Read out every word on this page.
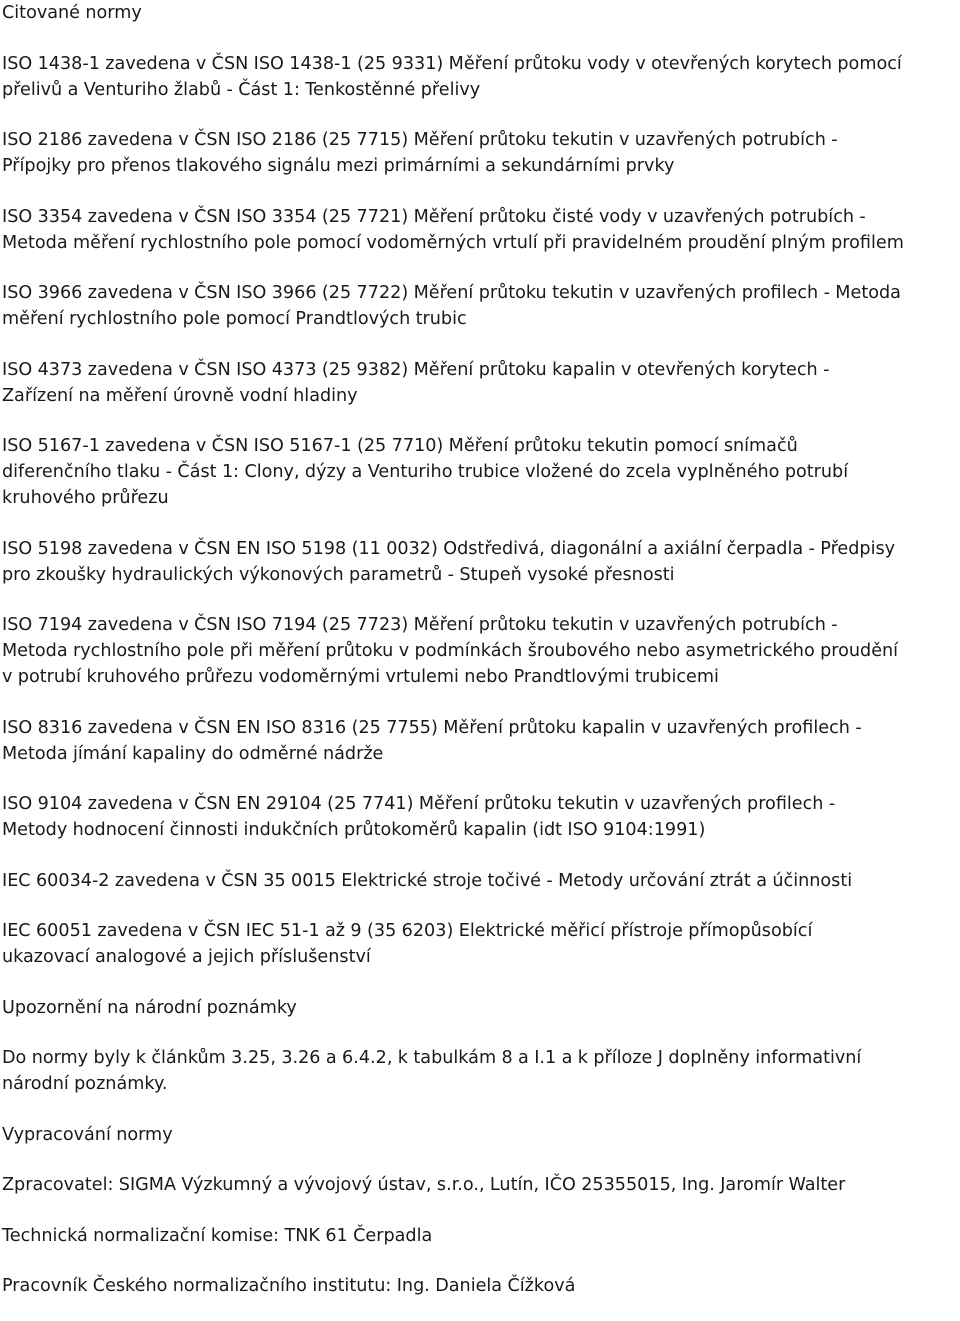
Citované normy

ISO 1438-1 zavedena v ČSN ISO 1438-1 (25 9331) Měření průtoku vody v otevřených korytech pomocí
přelivů a Venturiho žlabů - Část 1: Tenkostěnné přelivy

ISO 2186 zavedena v ČSN ISO 2186 (25 7715) Měření průtoku tekutin v uzavřených potrubích -
Přípojky pro přenos tlakového signálu mezi primárními a sekundárními prvky

ISO 3354 zavedena v ČSN ISO 3354 (25 7721) Měření průtoku čisté vody v uzavřených potrubích -
Metoda měření rychlostního pole pomocí vodoměrných vrtulí při pravidelném proudění plným profilem

ISO 3966 zavedena v ČSN ISO 3966 (25 7722) Měření průtoku tekutin v uzavřených profilech - Metoda
měření rychlostního pole pomocí Prandtlových trubic

ISO 4373 zavedena v ČSN ISO 4373 (25 9382) Měření průtoku kapalin v otevřených korytech -
Zařízení na měření úrovně vodní hladiny

ISO 5167-1 zavedena v ČSN ISO 5167-1 (25 7710) Měření průtoku tekutin pomocí snímačů
diferenčního tlaku - Část 1: Clony, dýzy a Venturiho trubice vložené do zcela vyplněného potrubí
kruhového průřezu

ISO 5198 zavedena v ČSN EN ISO 5198 (11 0032) Odstředivá, diagonální a axiální čerpadla - Předpisy
pro zkoušky hydraulických výkonových parametrů - Stupeň vysoké přesnosti

ISO 7194 zavedena v ČSN ISO 7194 (25 7723) Měření průtoku tekutin v uzavřených potrubích -
Metoda rychlostního pole při měření průtoku v podmínkách šroubového nebo asymetrického proudění
v potrubí kruhového průřezu vodoměrnými vrtulemi nebo Prandtlovými trubicemi

ISO 8316 zavedena v ČSN EN ISO 8316 (25 7755) Měření průtoku kapalin v uzavřených profilech -
Metoda jímání kapaliny do odměrné nádrže

ISO 9104 zavedena v ČSN EN 29104 (25 7741) Měření průtoku tekutin v uzavřených profilech -
Metody hodnocení činnosti indukčních průtokoměrů kapalin (idt ISO 9104:1991)

IEC 60034-2 zavedena v ČSN 35 0015 Elektrické stroje točivé - Metody určování ztrát a účinnosti

IEC 60051 zavedena v ČSN IEC 51-1 až 9 (35 6203) Elektrické měřicí přístroje přímopůsobící
ukazovací analogové a jejich příslušenství

Upozornění na národní poznámky

Do normy byly k článkům 3.25, 3.26 a 6.4.2, k tabulkám 8 a I.1 a k příloze J doplněny informativní
národní poznámky.

Vypracování normy

Zpracovatel: SIGMA Výzkumný a vývojový ústav, s.r.o., Lutín, IČO 25355015, Ing. Jaromír Walter

Technická normalizační komise: TNK 61 Čerpadla

Pracovník Českého normalizačního institutu: Ing. Daniela Čížková
